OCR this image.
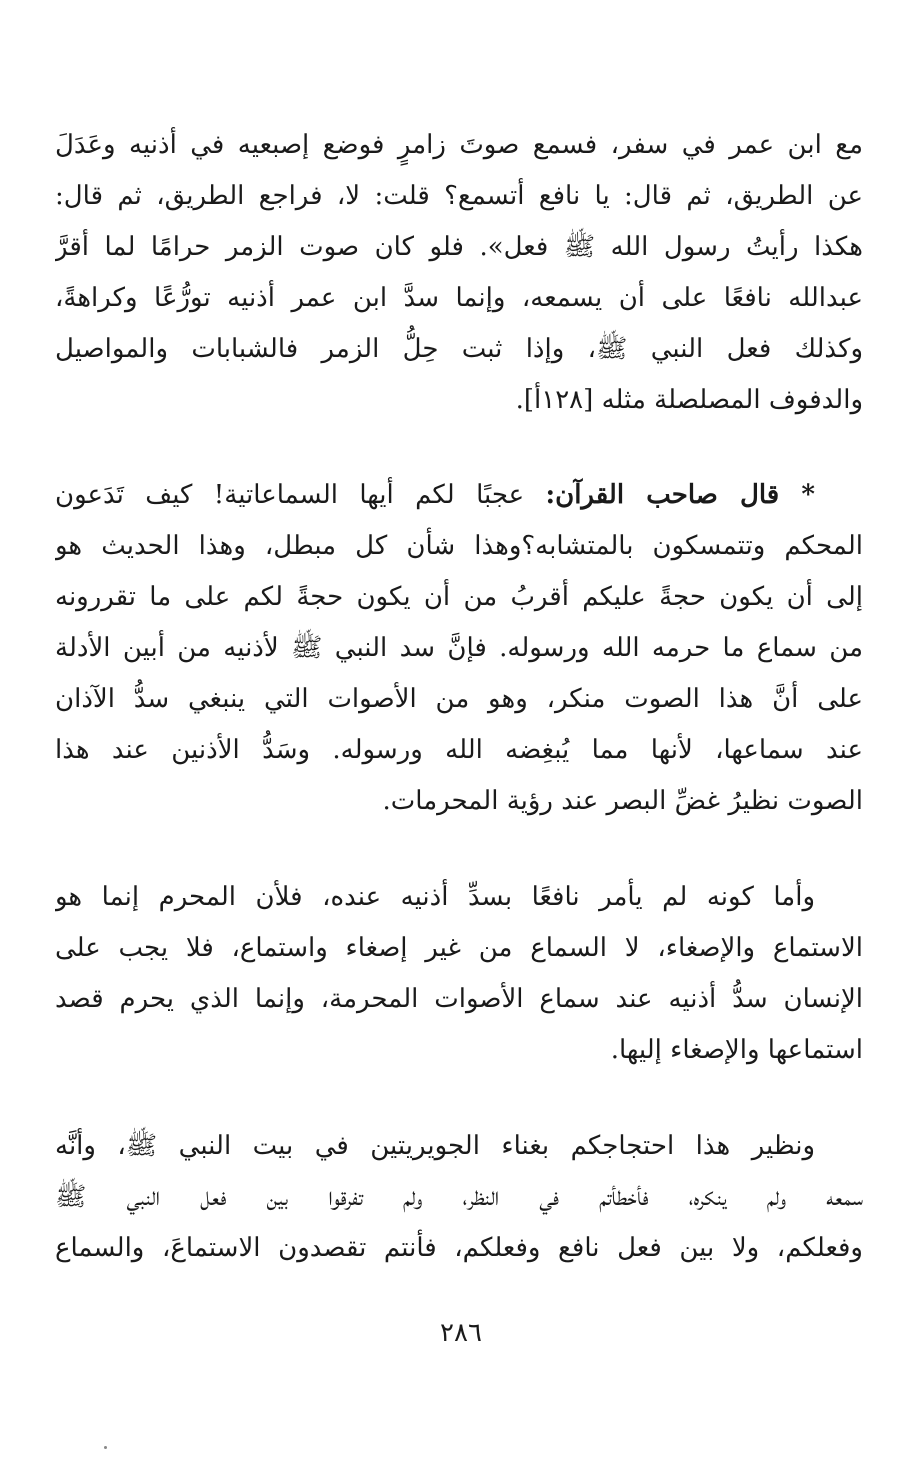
مع ابن عمر في سفر، فسمع صوتَ زامرٍ فوضع إصبعيه في أذنيه وعَدَلَ
عن الطريق، ثم قال: يا نافع أتسمع؟ قلت: لا، فراجع الطريق، ثم قال:
هكذا رأيتُ رسول الله ﷺ فعل». فلو كان صوت الزمر حرامًا لما أقرَّ
عبدالله نافعًا على أن يسمعه، وإنما سدَّ ابن عمر أذنيه تورُّعًا وكراهةً،
وكذلك فعل النبي ﷺ، وإذا ثبت حِلُّ الزمر فالشبابات والمواصيل
والدفوف المصلصلة مثله [١٢٨أ].
* قال صاحب القرآن: عجبًا لكم أيها السماعاتية! كيف تَدَعون
المحكم وتتمسكون بالمتشابه؟وهذا شأن كل مبطل، وهذا الحديث هو
إلى أن يكون حجةً عليكم أقربُ من أن يكون حجةً لكم على ما تقررونه
من سماع ما حرمه الله ورسوله. فإنَّ سد النبي ﷺ لأذنيه من أبين الأدلة
على أنَّ هذا الصوت منكر، وهو من الأصوات التي ينبغي سدُّ الآذان
عند سماعها، لأنها مما يُبغِضه الله ورسوله. وسَدُّ الأذنين عند هذا
الصوت نظيرُ غضِّ البصر عند رؤية المحرمات.
وأما كونه لم يأمر نافعًا بسدِّ أذنيه عنده، فلأن المحرم إنما هو
الاستماع والإصغاء، لا السماع من غير إصغاء واستماع، فلا يجب على
الإنسان سدُّ أذنيه عند سماع الأصوات المحرمة، وإنما الذي يحرم قصد
استماعها والإصغاء إليها.
ونظير هذا احتجاجكم بغناء الجويريتين في بيت النبي ﷺ، وأنَّه
سمعه ولم ينكره، فأخطأتم في النظر، ولم تفرقوا بين فعل النبي ﷺ
وفعلكم، ولا بين فعل نافع وفعلكم، فأنتم تقصدون الاستماعَ، والسماع
٢٨٦
